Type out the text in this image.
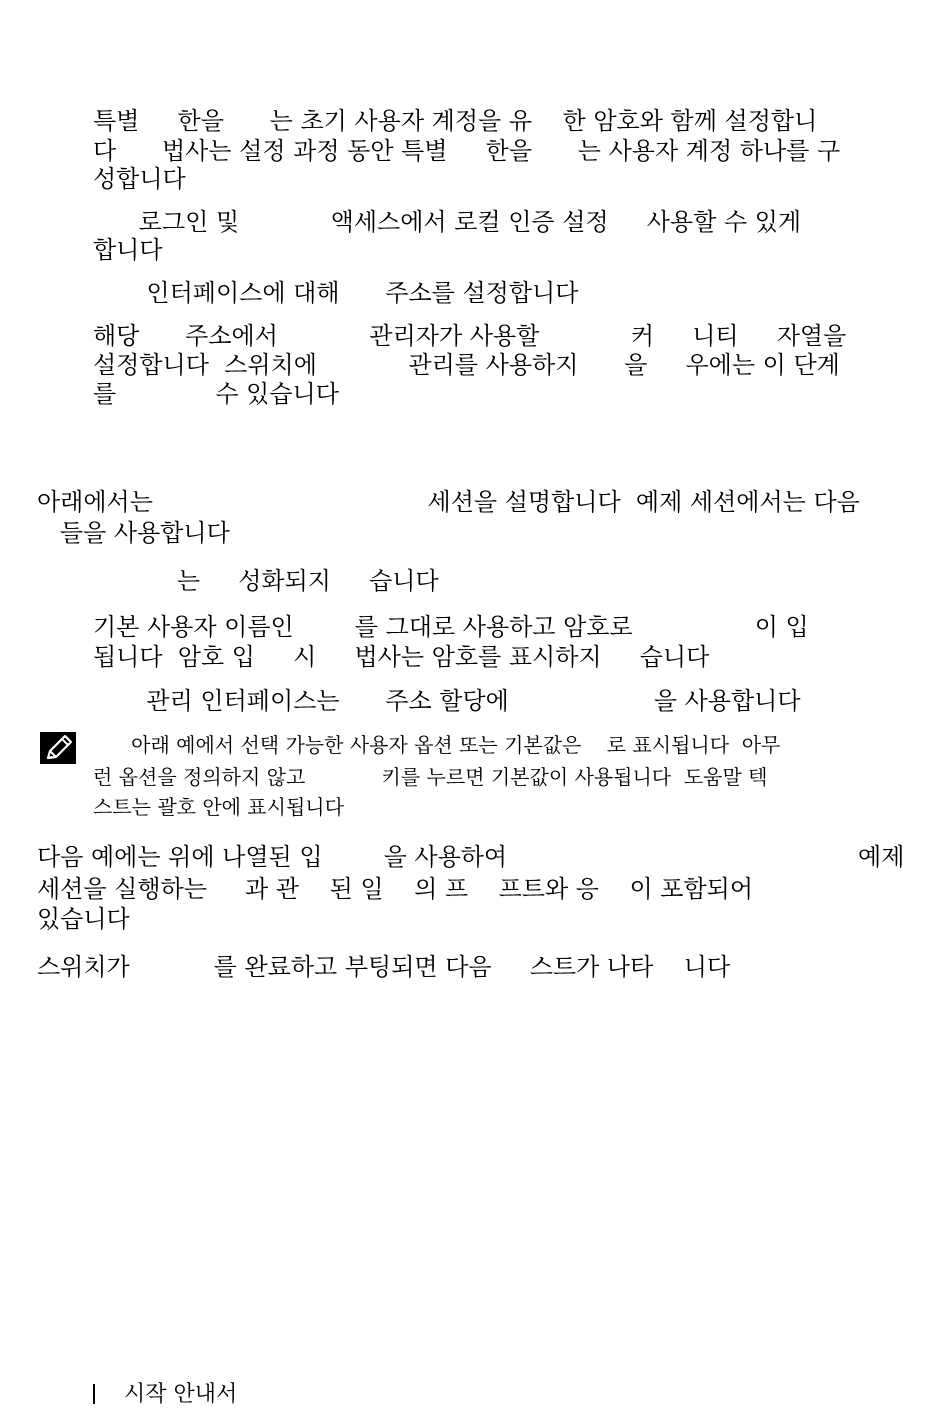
특별     한을      는 초기 사용자 계정을 유    한 암호와 함께 설정합니
다      법사는 설정 과정 동안 특별     한을      는 사용자 계정 하나를 구
성합니다
로그인 및            액세스에서 로컬 인증 설정     사용할 수 있게
합니다
인터페이스에 대해      주소를 설정합니다
해당      주소에서            관리자가 사용할            커     니티     자열을
설정합니다  스위치에            관리를 사용하지      을     우에는 이 단계
를             수 있습니다
아래에서는                                    세션을 설명합니다  예제 세션에서는 다음
들을 사용합니다
는     성화되지     습니다
기본 사용자 이름인        를 그대로 사용하고 암호로                이 입
됩니다  암호 입     시     법사는 암호를 표시하지     습니다
관리 인터페이스는      주소 할당에                   을 사용합니다
아래 예에서 선택 가능한 사용자 옵션 또는 기본값은    로 표시됩니다  아무
런 옵션을 정의하지 않고            키를 누르면 기본값이 사용됩니다  도움말 텍
스트는 괄호 안에 표시됩니다
다음 예에는 위에 나열된 입        을 사용하여                                              예제
세션을 실행하는     과 관    된 일    의 프    프트와 응    이 포함되어
있습니다
스위치가           를 완료하고 부팅되면 다음     스트가 나타    니다
시작 안내서
